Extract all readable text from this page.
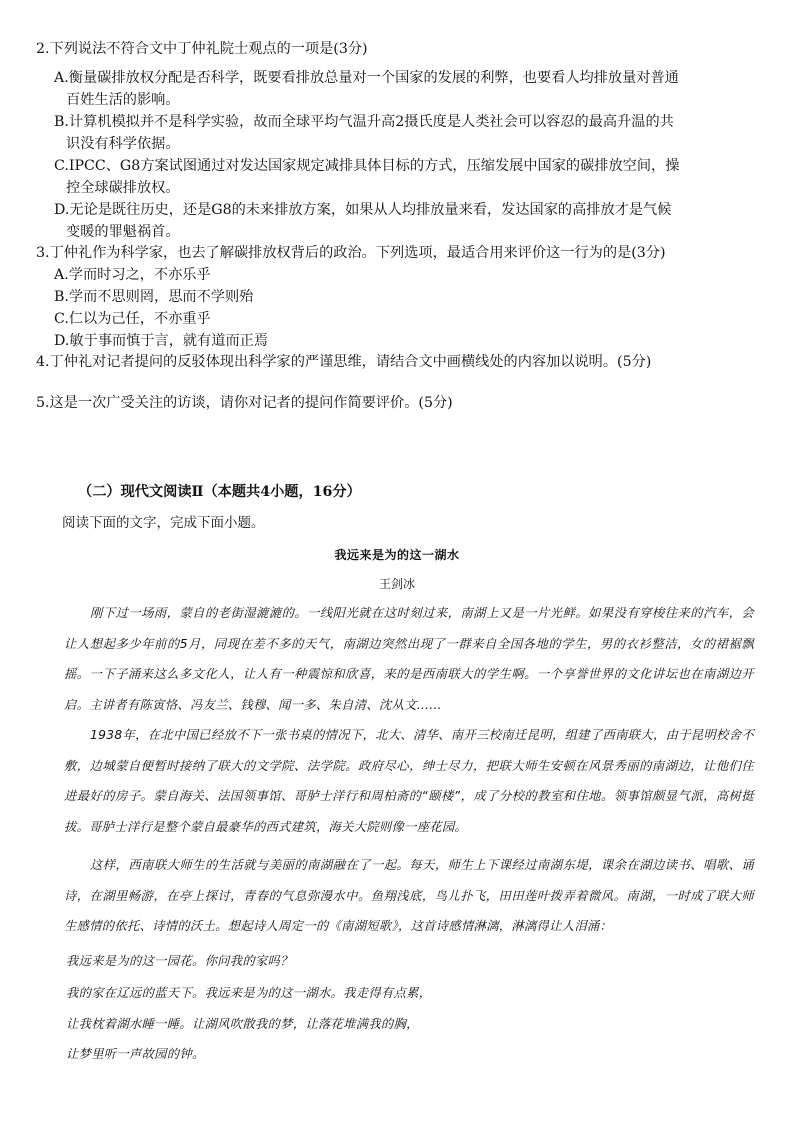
2.下列说法不符合文中丁仲礼院士观点的一项是(3分)
A.衡量碳排放权分配是否科学，既要看排放总量对一个国家的发展的利弊，也要看人均排放量对普通
百姓生活的影响。
B.计算机模拟并不是科学实验，故而全球平均气温升高2摄氏度是人类社会可以容忍的最高升温的共
识没有科学依据。
C.IPCC、G8方案试图通过对发达国家规定减排具体目标的方式，压缩发展中国家的碳排放空间，操
控全球碳排放权。
D.无论是既往历史，还是G8的未来排放方案，如果从人均排放量来看，发达国家的高排放才是气候
变暖的罪魁祸首。
3.丁仲礼作为科学家，也去了解碳排放权背后的政治。下列选项，最适合用来评价这一行为的是(3分)
A.学而时习之，不亦乐乎
B.学而不思则罔，思而不学则殆
C.仁以为己任，不亦重乎
D.敏于事而慎于言，就有道而正焉
4.丁仲礼对记者提问的反驳体现出科学家的严谨思维，请结合文中画横线处的内容加以说明。(5分)
5.这是一次广受关注的访谈，请你对记者的提问作简要评价。(5分)
（二）现代文阅读Ⅱ（本题共4小题，16分）
阅读下面的文字，完成下面小题。
我远来是为的这一湖水
王剑冰
刚下过一场雨，蒙自的老街湿漉漉的。一线阳光就在这时刻过来，南湖上又是一片光鲜。如果没有穿梭往来的汽车，会让人想起多少年前的5月，同现在差不多的天气，南湖边突然出现了一群来自全国各地的学生，男的衣衫整洁，女的裙裾飘摇。一下子涌来这么多文化人，让人有一种震惊和欣喜，来的是西南联大的学生啊。一个享誉世界的文化讲坛也在南湖边开启。主讲者有陈寅恪、冯友兰、钱穆、闻一多、朱自清、沈从文……
1938年，在北中国已经放不下一张书桌的情况下，北大、清华、南开三校南迁昆明，组建了西南联大，由于昆明校舍不敷，边城蒙自便暂时接纳了联大的文学院、法学院。政府尽心，绅士尽力，把联大师生安顿在风景秀丽的南湖边，让他们住进最好的房子。蒙自海关、法国领事馆、哥胪士洋行和周柏斋的“颐楼”，成了分校的教室和住地。领事馆颇显气派，高树挺拔。哥胪士洋行是整个蒙自最豪华的西式建筑，海关大院则像一座花园。
这样，西南联大师生的生活就与美丽的南湖融在了一起。每天，师生上下课经过南湖东堤，课余在湖边读书、唱歌、诵诗，在湖里畅游，在亭上探讨，青春的气息弥漫水中。鱼翔浅底，鸟儿扑飞，田田莲叶拨弄着微风。南湖，一时成了联大师生感情的依托、诗情的沃土。想起诗人周定一的《南湖短歌》，这首诗感情淋漓，淋漓得让人泪涌：
我远来是为的这一园花。你问我的家吗？
我的家在辽远的蓝天下。我远来是为的这一湖水。我走得有点累，
让我枕着湖水睡一睡。让湖风吹散我的梦，让落花堆满我的胸，
让梦里听一声故园的钟。
